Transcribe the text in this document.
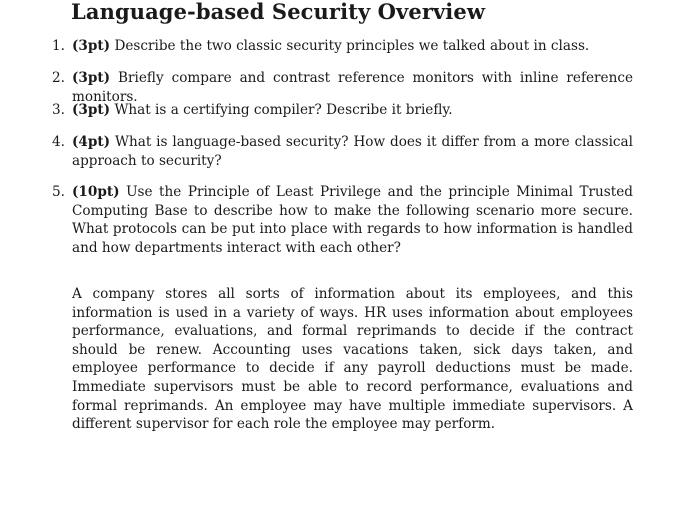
Language-based Security Overview
1. (3pt) Describe the two classic security principles we talked about in class.
2. (3pt) Briefly compare and contrast reference monitors with inline reference monitors.
3. (3pt) What is a certifying compiler? Describe it briefly.
4. (4pt) What is language-based security? How does it differ from a more classical approach to security?
5. (10pt) Use the Principle of Least Privilege and the principle Minimal Trusted Computing Base to describe how to make the following scenario more secure. What protocols can be put into place with regards to how information is handled and how departments interact with each other?

A company stores all sorts of information about its employees, and this information is used in a variety of ways. HR uses information about employees performance, evaluations, and formal reprimands to decide if the contract should be renew. Accounting uses vacations taken, sick days taken, and employee performance to decide if any payroll deductions must be made. Immediate supervisors must be able to record performance, evaluations and formal reprimands. An employee may have multiple immediate supervisors. A different supervisor for each role the employee may perform.
